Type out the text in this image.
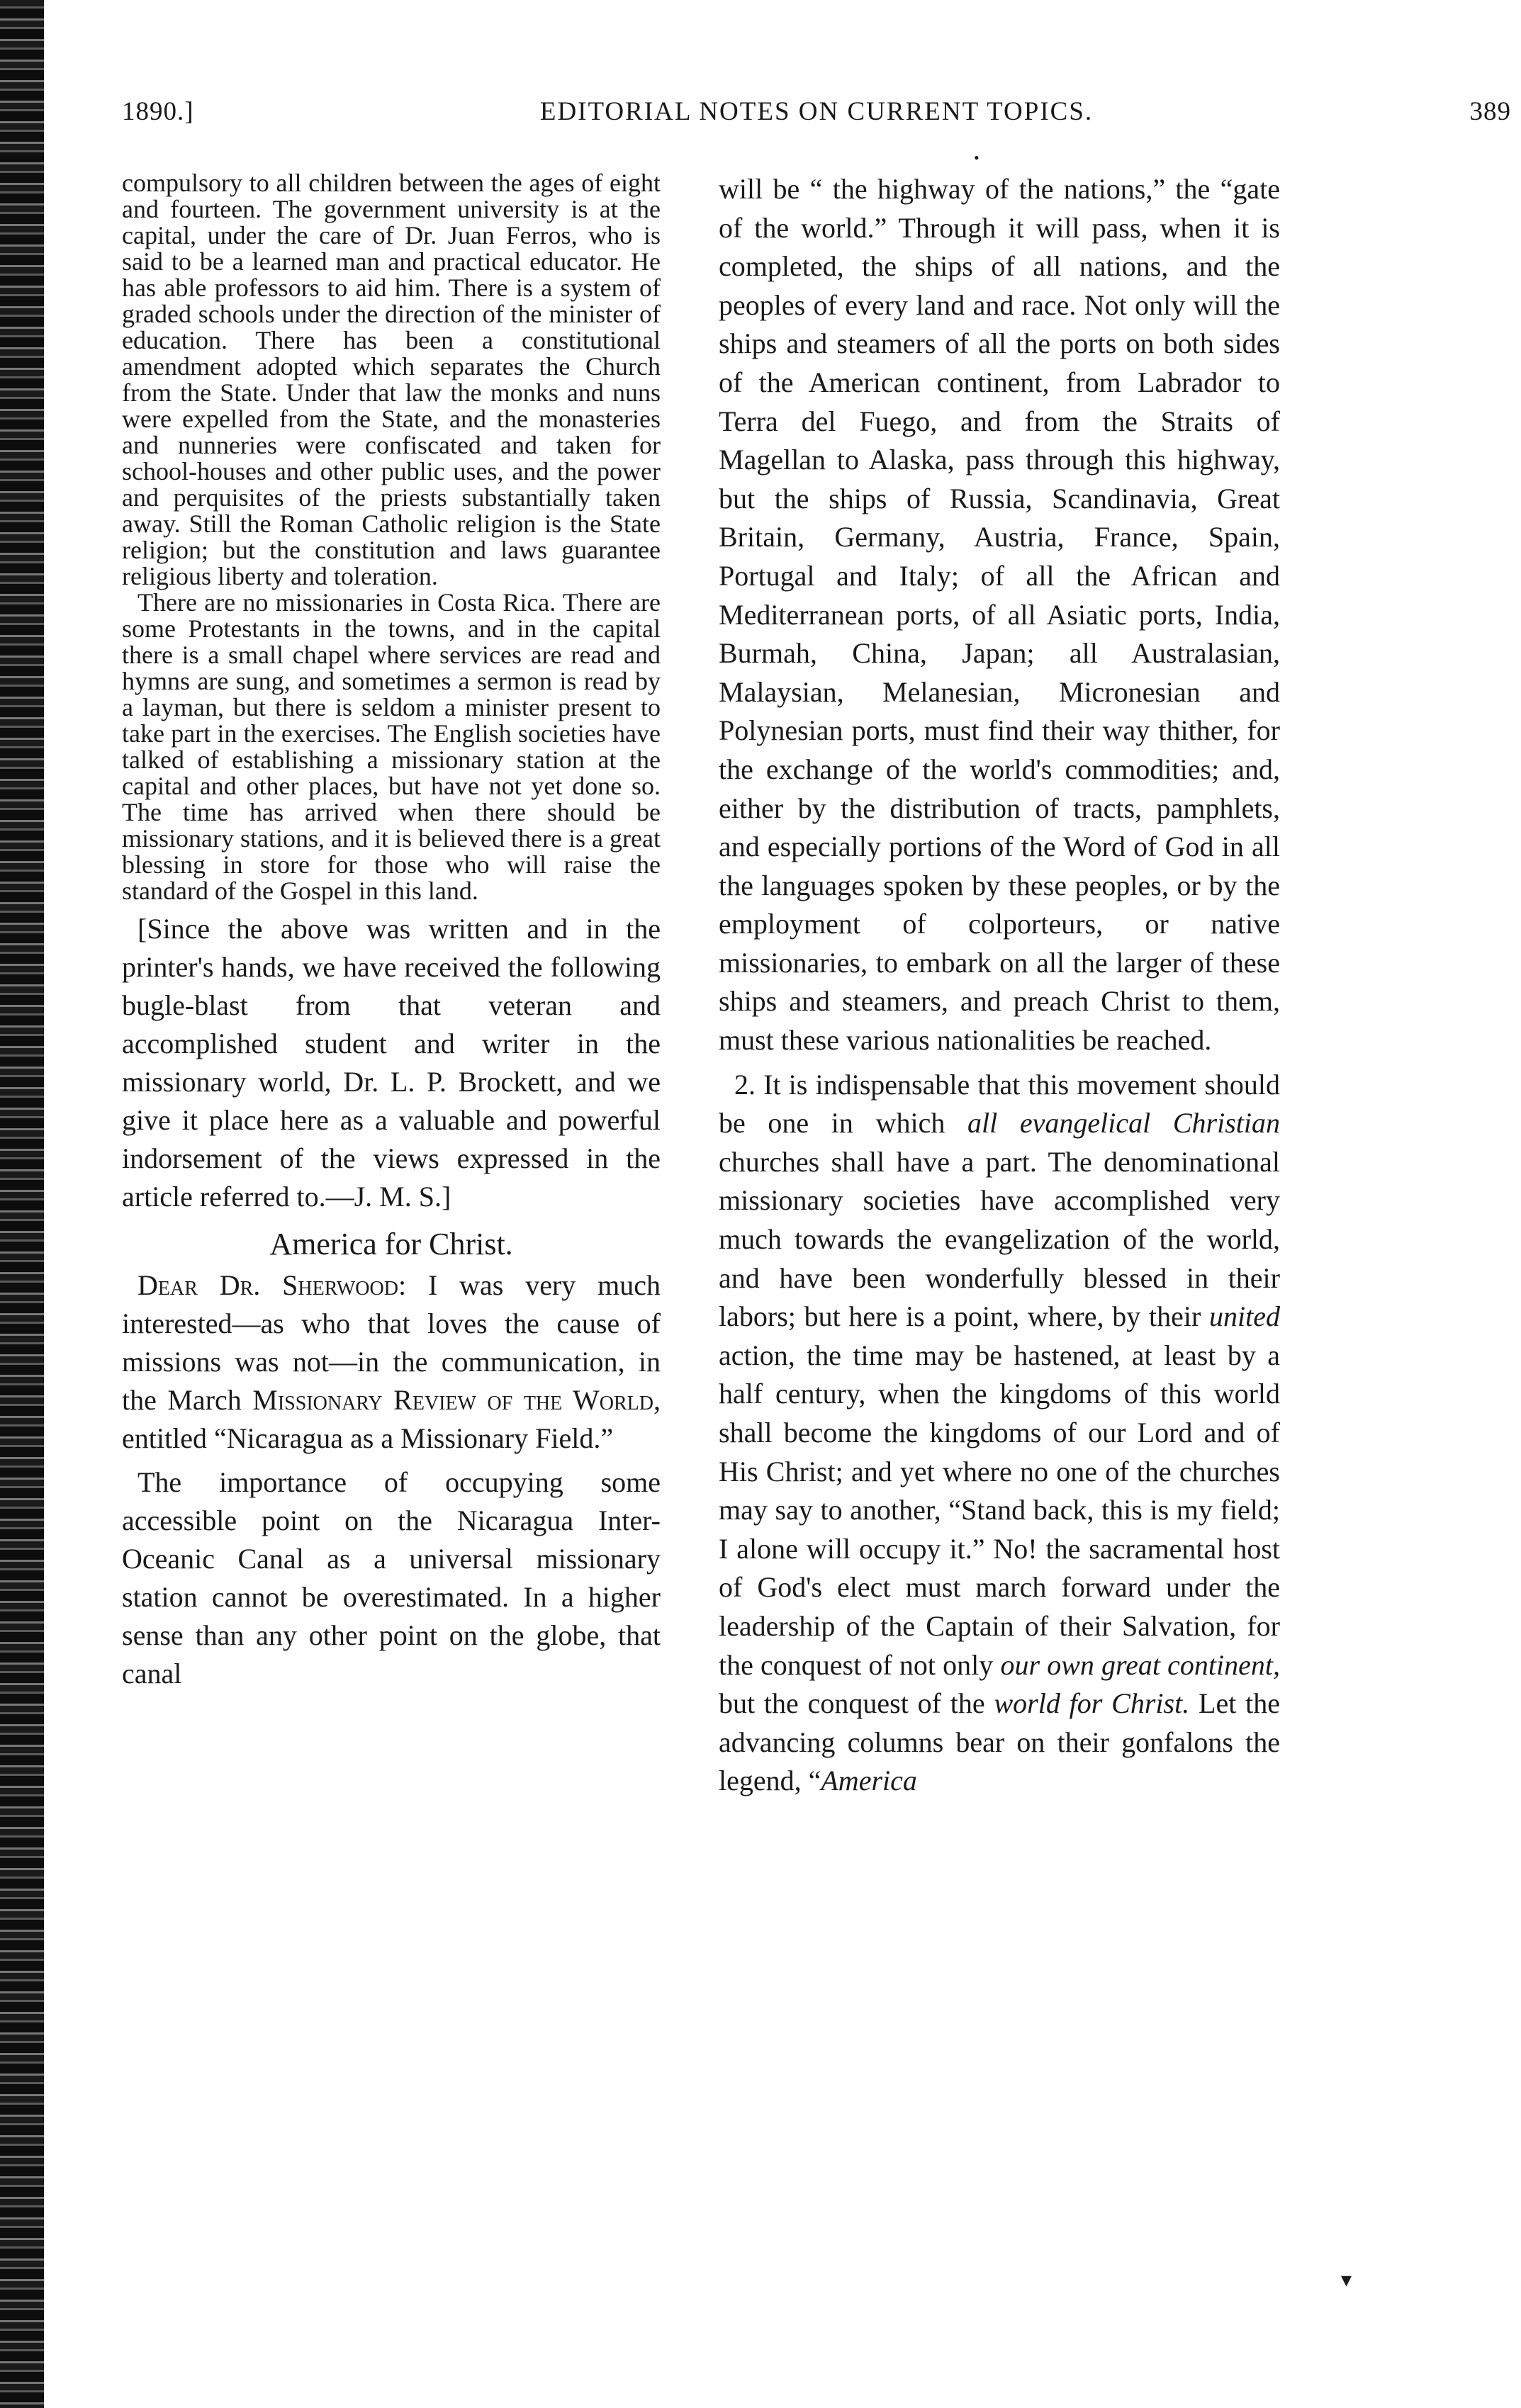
1890.]	EDITORIAL NOTES ON CURRENT TOPICS.	389
•

compulsory to all children between the ages of eight and fourteen. The government university is at the capital, under the care of Dr. Juan Ferros, who is said to be a learned man and practical educator. He has able professors to aid him. There is a system of graded schools under the direction of the minister of education. There has been a constitutional amendment adopted which separates the Church from the State. Under that law the monks and nuns were expelled from the State, and the monasteries and nunneries were confiscated and taken for school-houses and other public uses, and the power and perquisites of the priests substantially taken away. Still the Roman Catholic religion is the State religion; but the constitution and laws guarantee religious liberty and toleration.

There are no missionaries in Costa Rica. There are some Protestants in the towns, and in the capital there is a small chapel where services are read and hymns are sung, and sometimes a sermon is read by a layman, but there is seldom a minister present to take part in the exercises. The English societies have talked of establishing a missionary station at the capital and other places, but have not yet done so. The time has arrived when there should be missionary stations, and it is believed there is a great blessing in store for those who will raise the standard of the Gospel in this land.

[Since the above was written and in the printer's hands, we have received the following bugle-blast from that veteran and accomplished student and writer in the missionary world, Dr. L. P. Brockett, and we give it place here as a valuable and powerful indorsement of the views expressed in the article referred to.—J. M. S.]

America for Christ.

Dear Dr. Sherwood: I was very much interested—as who that loves the cause of missions was not—in the communication, in the March Missionary Review of the World, entitled “Nicaragua as a Missionary Field.”

The importance of occupying some accessible point on the Nicaragua Inter-Oceanic Canal as a universal missionary station cannot be overestimated. In a higher sense than any other point on the globe, that canal

will be “ the highway of the nations,” the “gate of the world.” Through it will pass, when it is completed, the ships of all nations, and the peoples of every land and race. Not only will the ships and steamers of all the ports on both sides of the American continent, from Labrador to Terra del Fuego, and from the Straits of Magellan to Alaska, pass through this highway, but the ships of Russia, Scandinavia, Great Britain, Germany, Austria, France, Spain, Portugal and Italy; of all the African and Mediterranean ports, of all Asiatic ports, India, Burmah, China, Japan; all Australasian, Malaysian, Melanesian, Micronesian and Polynesian ports, must find their way thither, for the exchange of the world's commodities; and, either by the distribution of tracts, pamphlets, and especially portions of the Word of God in all the languages spoken by these peoples, or by the employment of colporteurs, or native missionaries, to embark on all the larger of these ships and steamers, and preach Christ to them, must these various nationalities be reached.

2. It is indispensable that this movement should be one in which all evangelical Christian churches shall have a part. The denominational missionary societies have accomplished very much towards the evangelization of the world, and have been wonderfully blessed in their labors; but here is a point, where, by their united action, the time may be hastened, at least by a half century, when the kingdoms of this world shall become the kingdoms of our Lord and of His Christ; and yet where no one of the churches may say to another, “Stand back, this is my field; I alone will occupy it.” No! the sacramental host of God's elect must march forward under the leadership of the Captain of their Salvation, for the conquest of not only our own great continent, but the conquest of the world for Christ. Let the advancing columns bear on their gonfalons the legend, “America

▾
